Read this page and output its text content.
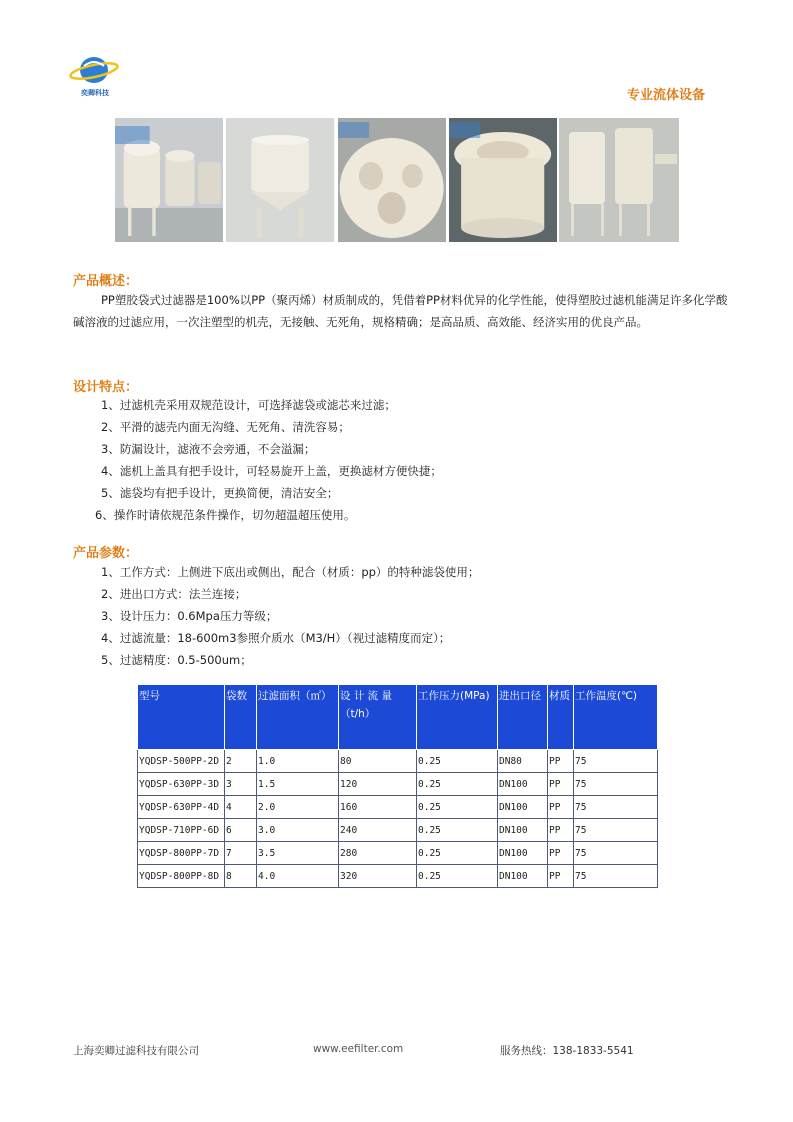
奕卿科技	专业流体设备
产品概述：
PP塑胶袋式过滤器是100%以PP（聚丙烯）材质制成的，凭借着PP材料优异的化学性能，使得塑胶过滤机能满足许多化学酸碱溶液的过滤应用，一次注塑型的机壳，无接触、无死角，规格精确；是高品质、高效能、经济实用的优良产品。
设计特点：
1、过滤机壳采用双规范设计，可选择滤袋或滤芯来过滤；
2、平滑的滤壳内面无沟缝、无死角、清洗容易；
3、防漏设计，滤液不会旁通，不会溢漏；
4、滤机上盖具有把手设计，可轻易旋开上盖，更换滤材方便快捷；
5、滤袋均有把手设计，更换简便，清洁安全；
6、操作时请依规范条件操作，切勿超温超压使用。
产品参数：
1、工作方式：上侧进下底出或侧出，配合（材质：pp）的特种滤袋使用；
2、进出口方式：法兰连接；
3、设计压力：0.6Mpa压力等级；
4、过滤流量：18-600m3参照介质水（M3/H）（视过滤精度而定）；
5、过滤精度：0.5-500um；
型号	袋数	过滤面积（㎡）	设 计 流 量（t/h）	工作压力(MPa)	进出口径	材质	工作温度(℃)
YQDSP-500PP-2D	2	1.0	80	0.25	DN80	PP	75
YQDSP-630PP-3D	3	1.5	120	0.25	DN100	PP	75
YQDSP-630PP-4D	4	2.0	160	0.25	DN100	PP	75
YQDSP-710PP-6D	6	3.0	240	0.25	DN100	PP	75
YQDSP-800PP-7D	7	3.5	280	0.25	DN100	PP	75
YQDSP-800PP-8D	8	4.0	320	0.25	DN100	PP	75
上海奕卿过滤科技有限公司	www.eefilter.com	服务热线：138-1833-5541
